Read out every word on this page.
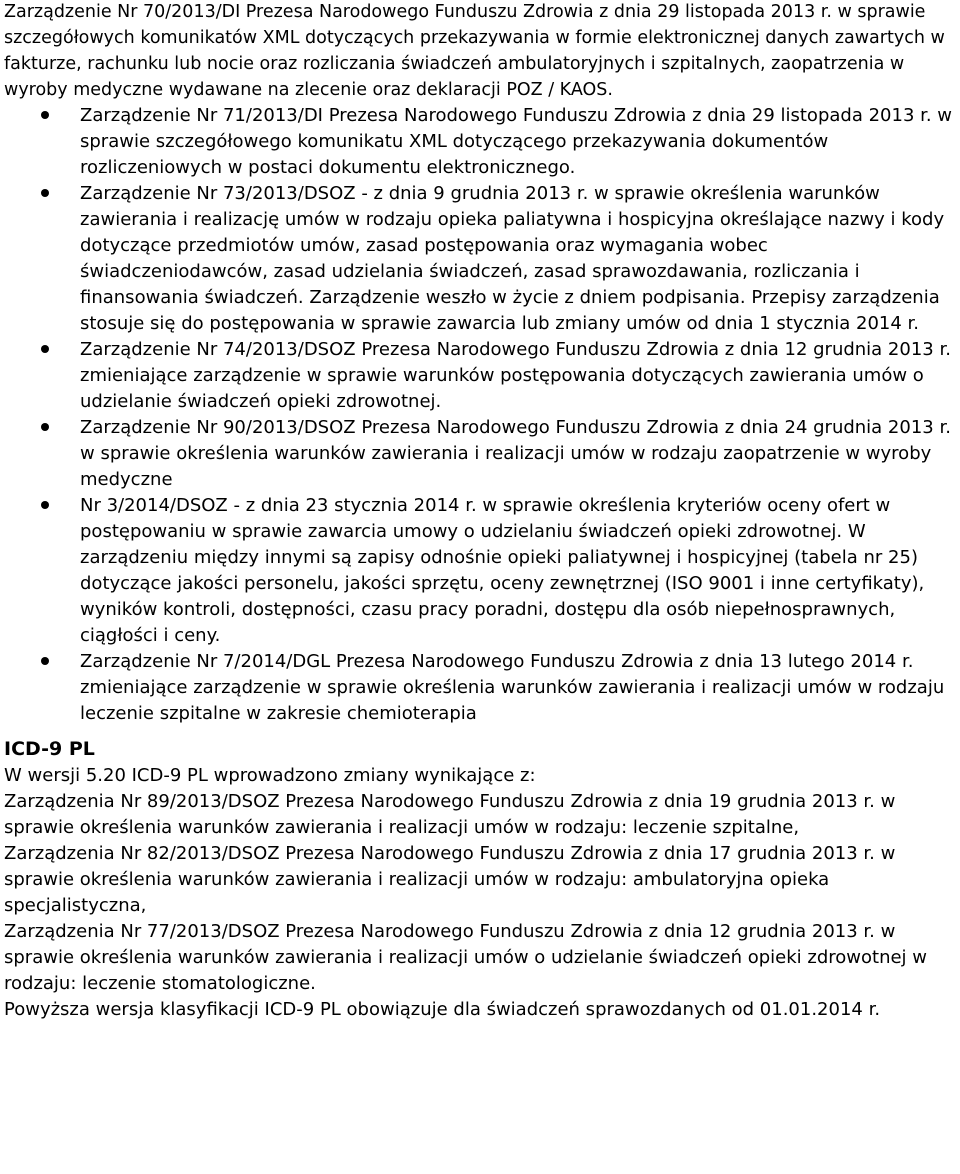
Zarządzenie Nr 70/2013/DI Prezesa Narodowego Funduszu Zdrowia z dnia 29 listopada 2013 r. w sprawie szczegółowych komunikatów XML dotyczących przekazywania w formie elektronicznej danych zawartych w fakturze, rachunku lub nocie oraz rozliczania świadczeń ambulatoryjnych i szpitalnych, zaopatrzenia w wyroby medyczne wydawane na zlecenie oraz deklaracji POZ / KAOS.

Zarządzenie Nr 71/2013/DI Prezesa Narodowego Funduszu Zdrowia z dnia 29 listopada 2013 r. w sprawie szczegółowego komunikatu XML dotyczącego przekazywania dokumentów rozliczeniowych w postaci dokumentu elektronicznego.
Zarządzenie Nr 73/2013/DSOZ - z dnia 9 grudnia 2013 r. w sprawie określenia warunków zawierania i realizację umów w rodzaju opieka paliatywna i hospicyjna określające nazwy i kody dotyczące przedmiotów umów, zasad postępowania oraz wymagania wobec świadczeniodawców, zasad udzielania świadczeń, zasad sprawozdawania, rozliczania i finansowania świadczeń. Zarządzenie weszło w życie z dniem podpisania. Przepisy zarządzenia stosuje się do postępowania w sprawie zawarcia lub zmiany umów od dnia 1 stycznia 2014 r.
Zarządzenie Nr 74/2013/DSOZ Prezesa Narodowego Funduszu Zdrowia z dnia 12 grudnia 2013 r. zmieniające zarządzenie w sprawie warunków postępowania dotyczących zawierania umów o udzielanie świadczeń opieki zdrowotnej.
Zarządzenie Nr 90/2013/DSOZ Prezesa Narodowego Funduszu Zdrowia z dnia 24 grudnia 2013 r. w sprawie określenia warunków zawierania i realizacji umów w rodzaju zaopatrzenie w wyroby medyczne
Nr 3/2014/DSOZ - z dnia 23 stycznia 2014 r. w sprawie określenia kryteriów oceny ofert w postępowaniu w sprawie zawarcia umowy o udzielaniu świadczeń opieki zdrowotnej. W zarządzeniu między innymi są zapisy odnośnie opieki paliatywnej i hospicyjnej (tabela nr 25) dotyczące jakości personelu, jakości sprzętu, oceny zewnętrznej (ISO 9001 i inne certyfikaty), wyników kontroli, dostępności, czasu pracy poradni, dostępu dla osób niepełnosprawnych, ciągłości i ceny.
Zarządzenie Nr 7/2014/DGL Prezesa Narodowego Funduszu Zdrowia z dnia 13 lutego 2014 r. zmieniające zarządzenie w sprawie określenia warunków zawierania i realizacji umów w rodzaju leczenie szpitalne w zakresie chemioterapia
ICD-9 PL

W wersji 5.20 ICD-9 PL wprowadzono zmiany wynikające z:

Zarządzenia Nr 89/2013/DSOZ Prezesa Narodowego Funduszu Zdrowia z dnia 19 grudnia 2013 r. w sprawie określenia warunków zawierania i realizacji umów w rodzaju: leczenie szpitalne,

Zarządzenia Nr 82/2013/DSOZ Prezesa Narodowego Funduszu Zdrowia z dnia 17 grudnia 2013 r. w sprawie określenia warunków zawierania i realizacji umów w rodzaju: ambulatoryjna opieka specjalistyczna,

Zarządzenia Nr 77/2013/DSOZ Prezesa Narodowego Funduszu Zdrowia z dnia 12 grudnia 2013 r. w sprawie określenia warunków zawierania i realizacji umów o udzielanie świadczeń opieki zdrowotnej w rodzaju: leczenie stomatologiczne.

Powyższa wersja klasyfikacji ICD-9 PL obowiązuje dla świadczeń sprawozdanych od 01.01.2014 r.
